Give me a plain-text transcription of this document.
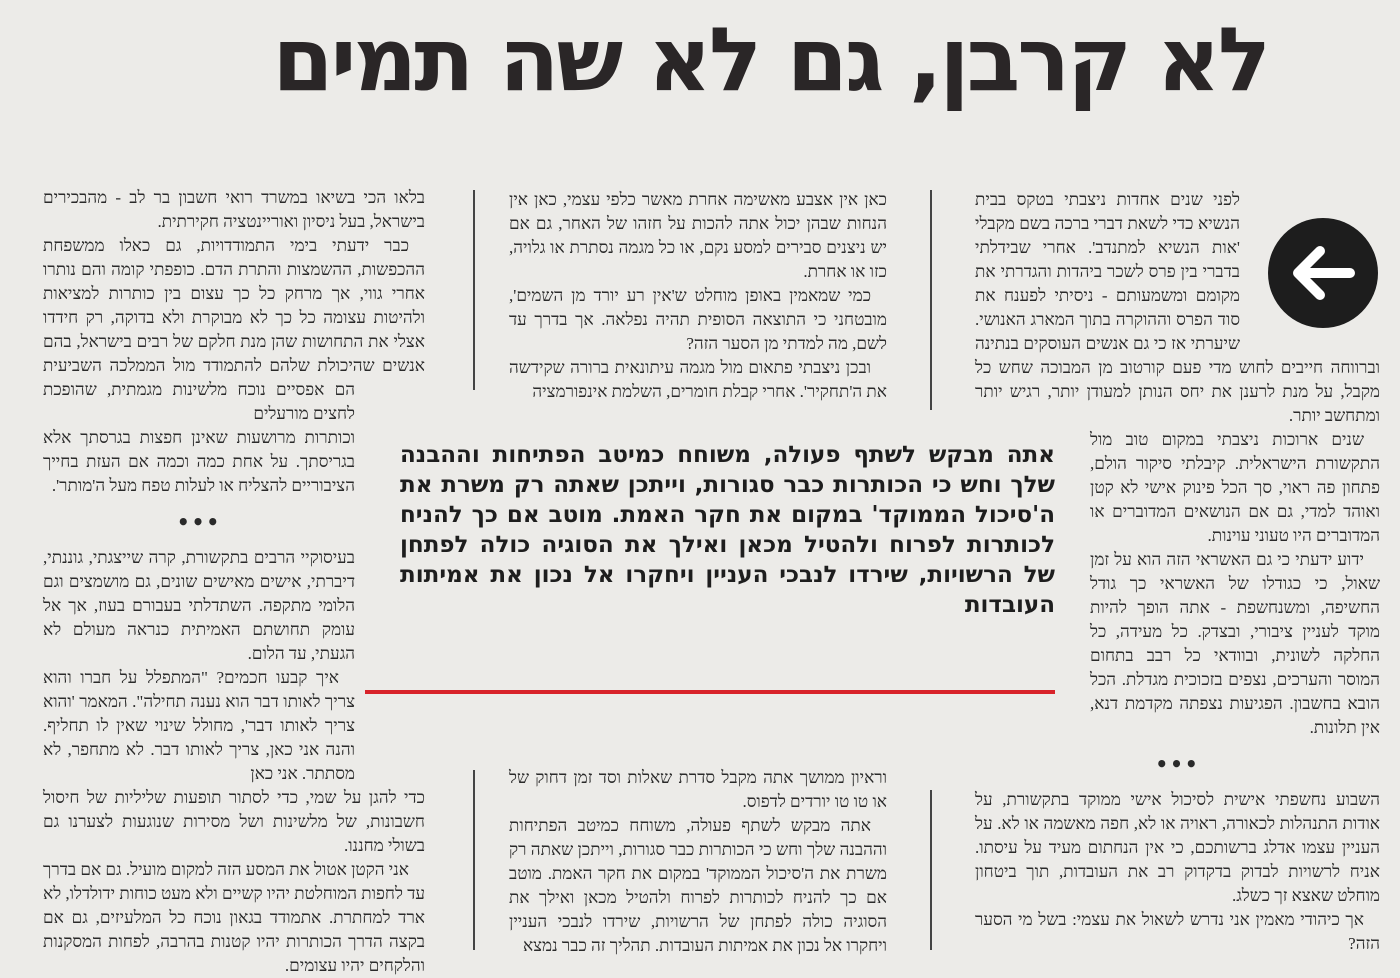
לא קרבן, גם לא שה תמים

לפני שנים אחדות ניצבתי בטקס בבית הנשיא כדי לשאת דברי ברכה בשם מקבלי 'אות הנשיא למתנדב'. אחרי שבידלתי בדברי בין פרס לשכר ביהדות והגדרתי את מקומם ומשמעותם - ניסיתי לפענח את סוד הפרס וההוקרה בתוך המארג האנושי. שיערתי אז כי גם אנשים העוסקים בנתינה וברווחה חייבים לחוש מדי פעם קורטוב מן המבוכה שחש כל מקבל, על מנת לרענן את יחס הנותן למעודן יותר, רגיש יותר ומתחשב יותר.

שנים ארוכות ניצבתי במקום טוב מול התקשורת הישראלית. קיבלתי סיקור הולם, פתחון פה ראוי, סך הכל פינוק אישי לא קטן ואוהד למדי, גם אם הנושאים המדוברים או המדוברים היו טעוני עוינות.

ידוע ידעתי כי גם האשראי הזה הוא על זמן שאול, כי כגודלו של האשראי כך גודל החשיפה, ומשנחשפת - אתה הופך להיות מוקד לעניין ציבורי, ובצדק. כל מעידה, כל החלקה לשונית, ובוודאי כל רבב בתחום המוסר והערכים, נצפים בזכוכית מגדלת. הכל הובא בחשבון. הפגיעות נצפתה מקדמת דנא, אין תלונות.

•••

השבוע נחשפתי אישית לסיכול אישי ממוקד בתקשורת, על אודות התנהלות לכאורה, ראויה או לא, חפה מאשמה או לא. על העניין עצמו אדלג ברשותכם, כי אין הנחתום מעיד על עיסתו. אניח לרשויות לבדוק בדקדוק רב את העובדות, תוך ביטחון מוחלט שאצא זך כשלג.

אך כיהודי מאמין אני נדרש לשאול את עצמי: בשל מי הסער הזה?

כאן אין אצבע מאשימה אחרת מאשר כלפי עצמי, כאן אין הנחות שבהן יכול אתה להכות על חזהו של האחר, גם אם יש ניצנים סבירים למסע נקם, או כל מגמה נסתרת או גלויה, כזו או אחרת.

כמי שמאמין באופן מוחלט ש'אין רע יורד מן השמים', מובטחני כי התוצאה הסופית תהיה נפלאה. אך בדרך עד לשם, מה למדתי מן הסער הזה?

ובכן ניצבתי פתאום מול מגמה עיתונאית ברורה שקידשה את ה'תחקיר'. אחרי קבלת חומרים, השלמת אינפורמציה

וראיון ממושך אתה מקבל סדרת שאלות וסד זמן דחוק של או טו טו יורדים לדפוס.

אתה מבקש לשתף פעולה, משוחח כמיטב הפתיחות וההבנה שלך וחש כי הכותרות כבר סגורות, וייתכן שאתה רק משרת את ה'סיכול הממוקד' במקום את חקר האמת. מוטב אם כך להניח לכותרות לפרוח ולהטיל מכאן ואילך את הסוגיה כולה לפתחן של הרשויות, שירדו לנבכי העניין ויחקרו אל נכון את אמיתות העובדות. תהליך זה כבר נמצא

בלאו הכי בשיאו במשרד רואי חשבון בר לב - מהבכירים בישראל, בעל ניסיון ואוריינטציה חקירתית.

כבר ידעתי בימי התמודדויות, גם כאלו ממשפחת ההכפשות, ההשמצות והתרת הדם. כופפתי קומה והם נותרו אחרי גווי, אך מרחק כל כך עצום בין כותרות למציאות ולהיטות עצומה כל כך לא מבוקרת ולא בדוקה, רק חידדו אצלי את התחושות שהן מנת חלקם של רבים בישראל, בהם אנשים שהיכולת שלהם להתמודד מול הממלכה השביעית הם אפסיים נוכח מלשינות מגמתית, שהופכת לחצים מורעלים

וכותרות מרושעות שאינן חפצות בגרסתך אלא בגריסתך. על אחת כמה וכמה אם העזת בחייך הציבוריים להצליח או לעלות טפח מעל ה'מותר'.

•••

בעיסוקיי הרבים בתקשורת, קרה שייצגתי, גוננתי, דיברתי, אישים מאישים שונים, גם מושמצים וגם הלומי מתקפה. השתדלתי בעבורם בעוז, אך אל עומק תחושתם האמיתית כנראה מעולם לא הגעתי, עד הלום.

איך קבעו חכמים? "המתפלל על חברו והוא צריך לאותו דבר הוא נענה תחילה". המאמר 'והוא צריך לאותו דבר', מחולל שינוי שאין לו תחליף. והנה אני כאן, צריך לאותו דבר. לא מתחפר, לא מסתתר. אני כאן

כדי להגן על שמי, כדי לסתור תופעות שליליות של חיסול חשבונות, של מלשינות ושל מסירות שנוגעות לצערנו גם בשולי מחננו.

אני הקטן אטול את המסע הזה למקום מועיל. גם אם בדרך עד לחפות המוחלטת יהיו קשיים ולא מעט כוחות ידולדלו, לא ארד למחתרת. אתמודד בגאון נוכח כל המלעיזים, גם אם בקצה הדרך הכותרות יהיו קטנות בהרבה, לפחות המסקנות והלקחים יהיו עצומים.

אתה מבקש לשתף פעולה, משוחח כמיטב הפתיחות וההבנה שלך וחש כי הכותרות כבר סגורות, וייתכן שאתה רק משרת את ה'סיכול הממוקד' במקום את חקר האמת. מוטב אם כך להניח לכותרות לפרוח ולהטיל מכאן ואילך את הסוגיה כולה לפתחן של הרשויות, שירדו לנבכי העניין ויחקרו אל נכון את אמיתות העובדות
